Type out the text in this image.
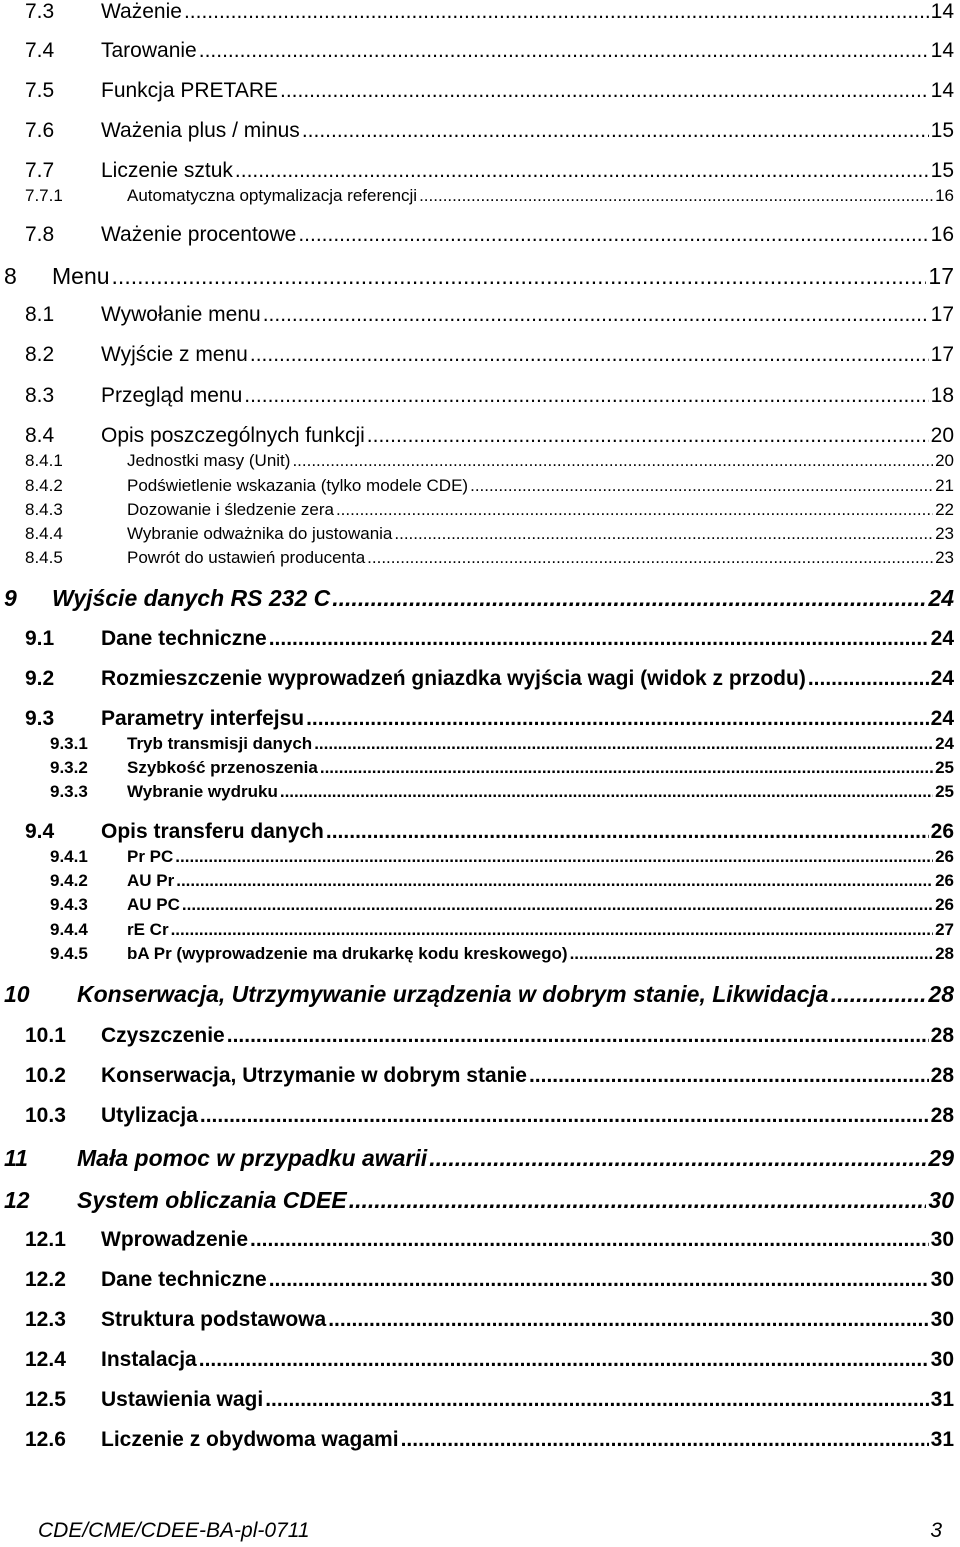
7.3 Ważenie .....	14
7.4 Tarowanie .....	14
7.5 Funkcja PRETARE .....	14
7.6 Ważenia plus / minus .....	15
7.7 Liczenie sztuk .....	15
7.7.1	Automatyczna optymalizacja referencji .....	16
7.8 Ważenie procentowe .....	16
8 Menu .....	17
8.1 Wywołanie menu .....	17
8.2 Wyjście z menu .....	17
8.3 Przegląd menu .....	18
8.4 Opis poszczególnych funkcji .....	20
8.4.1	Jednostki masy (Unit) .....	20
8.4.2	Podświetlenie wskazania (tylko modele CDE) .....	21
8.4.3	Dozowanie i śledzenie zera .....	22
8.4.4	Wybranie odważnika do justowania .....	23
8.4.5	Powrót do ustawień producenta .....	23
9 Wyjście danych RS 232 C .....	24
9.1 Dane techniczne .....	24
9.2 Rozmieszczenie wyprowadzeń gniazdka wyjścia wagi (widok z przodu) .....	24
9.3 Parametry interfejsu .....	24
9.3.1 Tryb transmisji danych .....	24
9.3.2 Szybkość przenoszenia .....	25
9.3.3 Wybranie wydruku .....	25
9.4 Opis transferu danych .....	26
9.4.1 Pr PC .....	26
9.4.2 AU Pr .....	26
9.4.3 AU PC .....	26
9.4.4 rE Cr .....	27
9.4.5 bA Pr (wyprowadzenie ma drukarkę kodu kreskowego) .....	28
10 Konserwacja, Utrzymywanie urządzenia w dobrym stanie, Likwidacja .....	28
10.1 Czyszczenie .....	28
10.2 Konserwacja, Utrzymanie w dobrym stanie .....	28
10.3 Utylizacja .....	28
11 Mała pomoc w przypadku awarii .....	29
12 System obliczania CDEE .....	30
12.1 Wprowadzenie .....	30
12.2 Dane techniczne .....	30
12.3 Struktura podstawowa .....	30
12.4 Instalacja .....	30
12.5 Ustawienia wagi .....	31
12.6 Liczenie z obydwoma wagami .....	31
CDE/CME/CDEE-BA-pl-0711	3
